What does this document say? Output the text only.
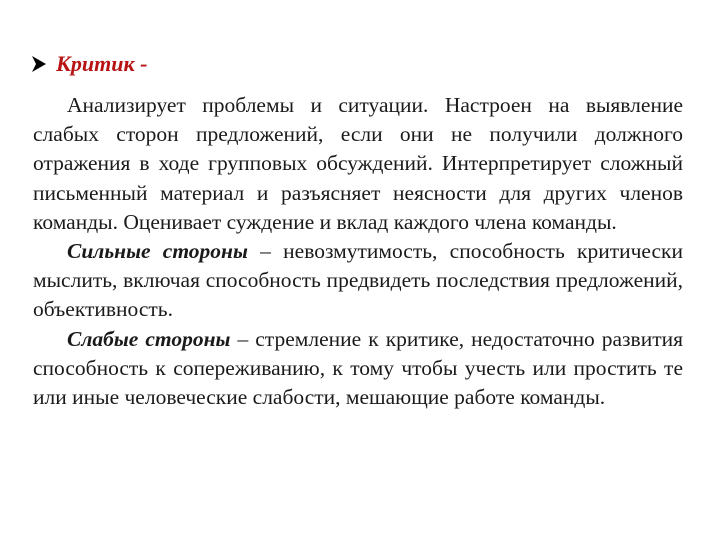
Критик -

Анализирует проблемы и ситуации. Настроен на выявление слабых сторон предложений, если они не получили должного отражения в ходе групповых обсуждений. Интерпретирует сложный письменный материал и разъясняет неясности для других членов команды. Оценивает суждение и вклад каждого члена команды.

Сильные стороны – невозмутимость, способность критически мыслить, включая способность предвидеть последствия предложений, объективность.

Слабые стороны – стремление к критике, недостаточно развития способность к сопереживанию, к тому чтобы учесть или простить те или иные человеческие слабости, мешающие работе команды.
